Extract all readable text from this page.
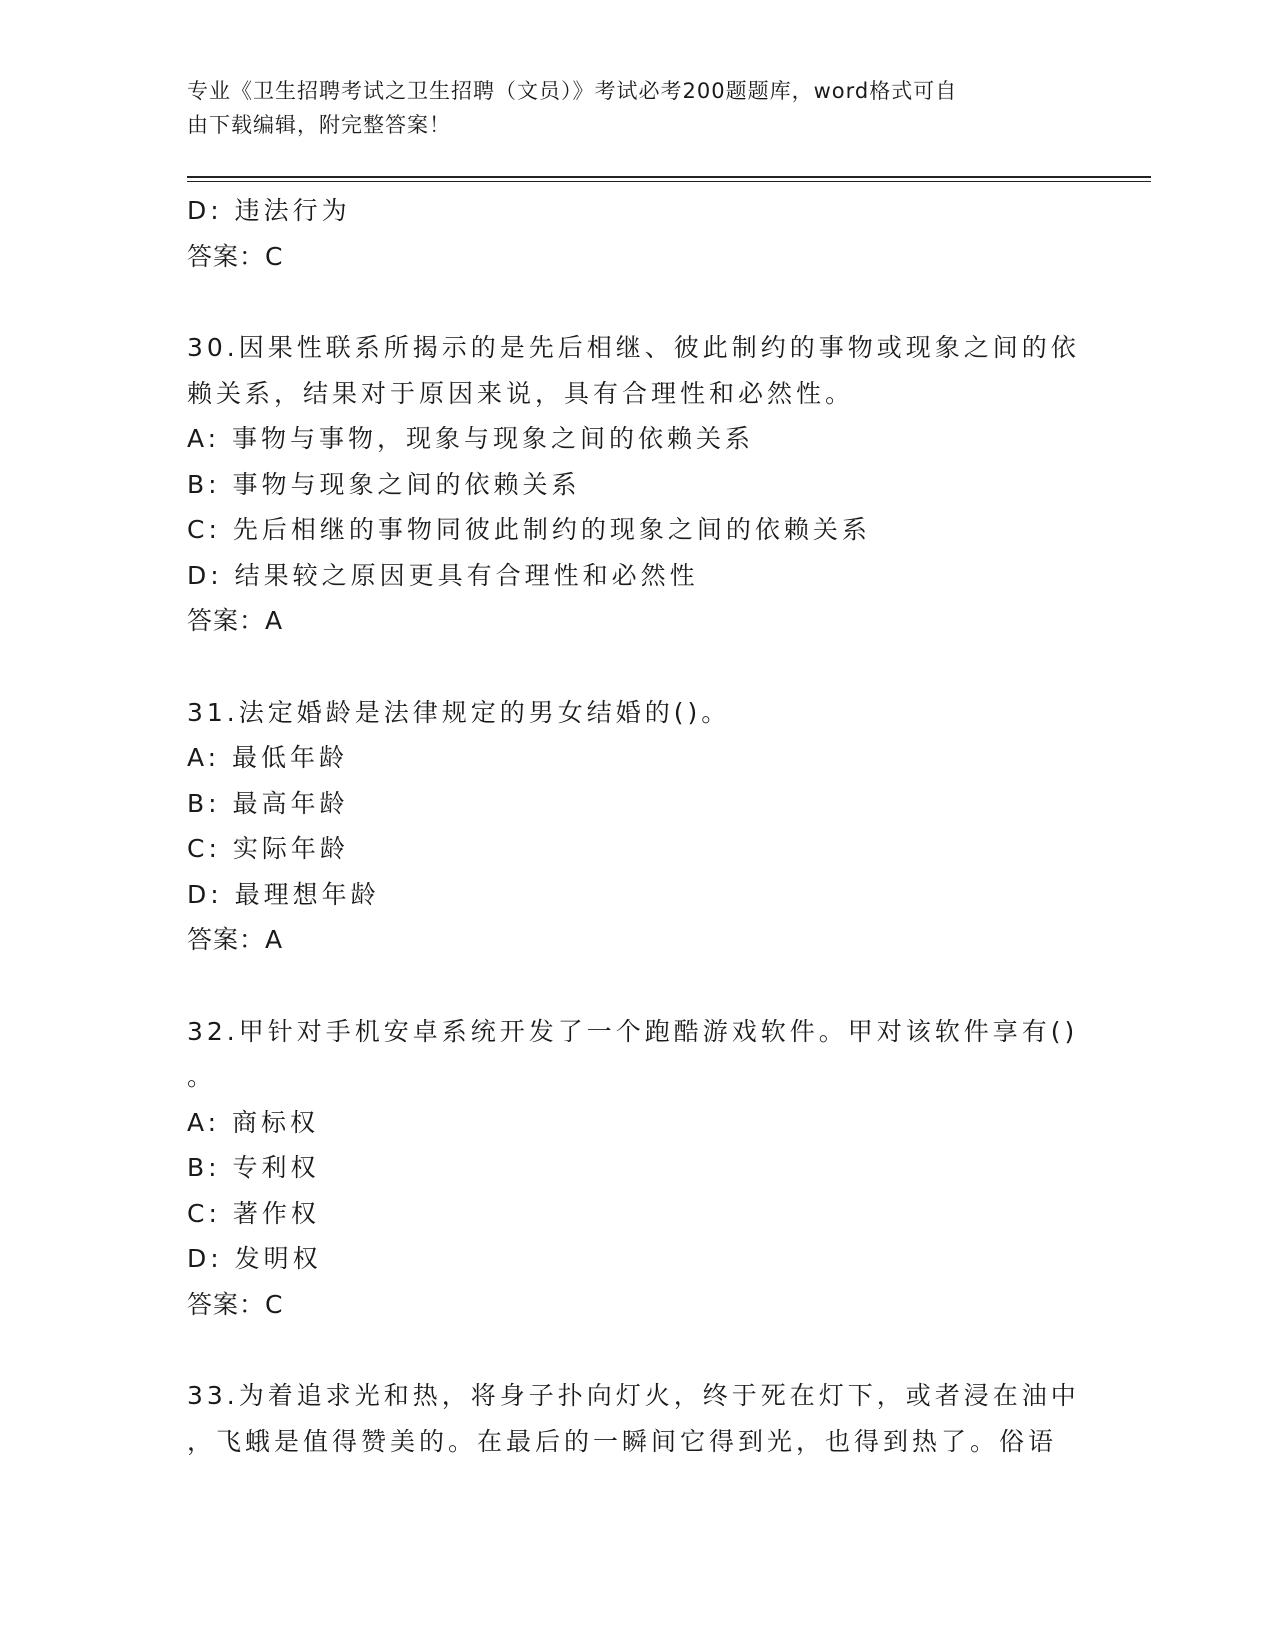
专业《卫生招聘考试之卫生招聘（文员）》考试必考200题题库，word格式可自
由下载编辑，附完整答案！
D: 违法行为
答案：C
30.因果性联系所揭示的是先后相继、彼此制约的事物或现象之间的依
赖关系，结果对于原因来说，具有合理性和必然性。
A: 事物与事物，现象与现象之间的依赖关系
B: 事物与现象之间的依赖关系
C: 先后相继的事物同彼此制约的现象之间的依赖关系
D: 结果较之原因更具有合理性和必然性
答案：A
31.法定婚龄是法律规定的男女结婚的()。
A: 最低年龄
B: 最高年龄
C: 实际年龄
D: 最理想年龄
答案：A
32.甲针对手机安卓系统开发了一个跑酷游戏软件。甲对该软件享有()
。
A: 商标权
B: 专利权
C: 著作权
D: 发明权
答案：C
33.为着追求光和热，将身子扑向灯火，终于死在灯下，或者浸在油中
，飞蛾是值得赞美的。在最后的一瞬间它得到光，也得到热了。俗语
